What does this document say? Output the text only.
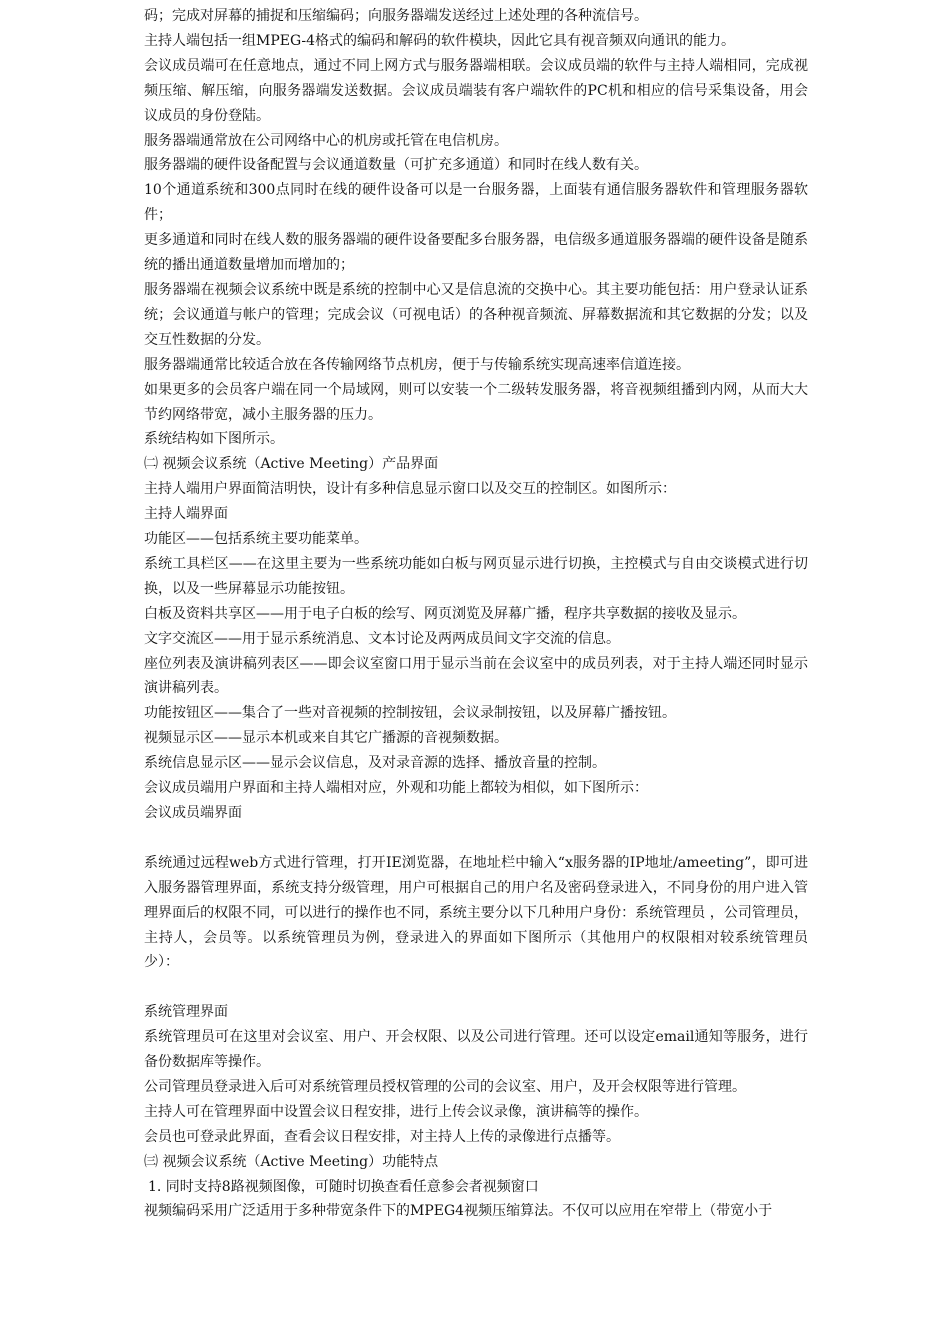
码；完成对屏幕的捕捉和压缩编码；向服务器端发送经过上述处理的各种流信号。

主持人端包括一组MPEG-4格式的编码和解码的软件模块，因此它具有视音频双向通讯的能力。

会议成员端可在任意地点，通过不同上网方式与服务器端相联。会议成员端的软件与主持人端相同，完成视频压缩、解压缩，向服务器端发送数据。会议成员端装有客户端软件的PC机和相应的信号采集设备，用会议成员的身份登陆。

服务器端通常放在公司网络中心的机房或托管在电信机房。

服务器端的硬件设备配置与会议通道数量（可扩充多通道）和同时在线人数有关。

10个通道系统和300点同时在线的硬件设备可以是一台服务器，上面装有通信服务器软件和管理服务器软件；

更多通道和同时在线人数的服务器端的硬件设备要配多台服务器，电信级多通道服务器端的硬件设备是随系统的播出通道数量增加而增加的；

服务器端在视频会议系统中既是系统的控制中心又是信息流的交换中心。其主要功能包括：用户登录认证系统；会议通道与帐户的管理；完成会议（可视电话）的各种视音频流、屏幕数据流和其它数据的分发；以及交互性数据的分发。

服务器端通常比较适合放在各传输网络节点机房，便于与传输系统实现高速率信道连接。

如果更多的会员客户端在同一个局域网，则可以安装一个二级转发服务器，将音视频组播到内网，从而大大节约网络带宽，减小主服务器的压力。

系统结构如下图所示。

㈡ 视频会议系统（Active Meeting）产品界面

主持人端用户界面简洁明快，设计有多种信息显示窗口以及交互的控制区。如图所示：

主持人端界面

功能区——包括系统主要功能菜单。

系统工具栏区——在这里主要为一些系统功能如白板与网页显示进行切换，主控模式与自由交谈模式进行切换，以及一些屏幕显示功能按钮。

白板及资料共享区——用于电子白板的绘写、网页浏览及屏幕广播，程序共享数据的接收及显示。

文字交流区——用于显示系统消息、文本讨论及两两成员间文字交流的信息。

座位列表及演讲稿列表区——即会议室窗口用于显示当前在会议室中的成员列表，对于主持人端还同时显示演讲稿列表。

功能按钮区——集合了一些对音视频的控制按钮，会议录制按钮，以及屏幕广播按钮。

视频显示区——显示本机或来自其它广播源的音视频数据。

系统信息显示区——显示会议信息，及对录音源的选择、播放音量的控制。

会议成员端用户界面和主持人端相对应，外观和功能上都较为相似，如下图所示：

会议成员端界面

系统通过远程web方式进行管理，打开IE浏览器，在地址栏中输入“x服务器的IP地址/ameeting”，即可进入服务器管理界面，系统支持分级管理，用户可根据自己的用户名及密码登录进入，不同身份的用户进入管理界面后的权限不同，可以进行的操作也不同，系统主要分以下几种用户身份：系统管理员 ，公司管理员，主持人，会员等。以系统管理员为例，登录进入的界面如下图所示（其他用户的权限相对较系统管理员少）：

系统管理界面

系统管理员可在这里对会议室、用户、开会权限、以及公司进行管理。还可以设定email通知等服务，进行备份数据库等操作。

公司管理员登录进入后可对系统管理员授权管理的公司的会议室、用户，及开会权限等进行管理。

主持人可在管理界面中设置会议日程安排，进行上传会议录像，演讲稿等的操作。

会员也可登录此界面，查看会议日程安排，对主持人上传的录像进行点播等。

㈢ 视频会议系统（Active Meeting）功能特点

1. 同时支持8路视频图像，可随时切换查看任意参会者视频窗口

视频编码采用广泛适用于多种带宽条件下的MPEG4视频压缩算法。不仅可以应用在窄带上（带宽小于
